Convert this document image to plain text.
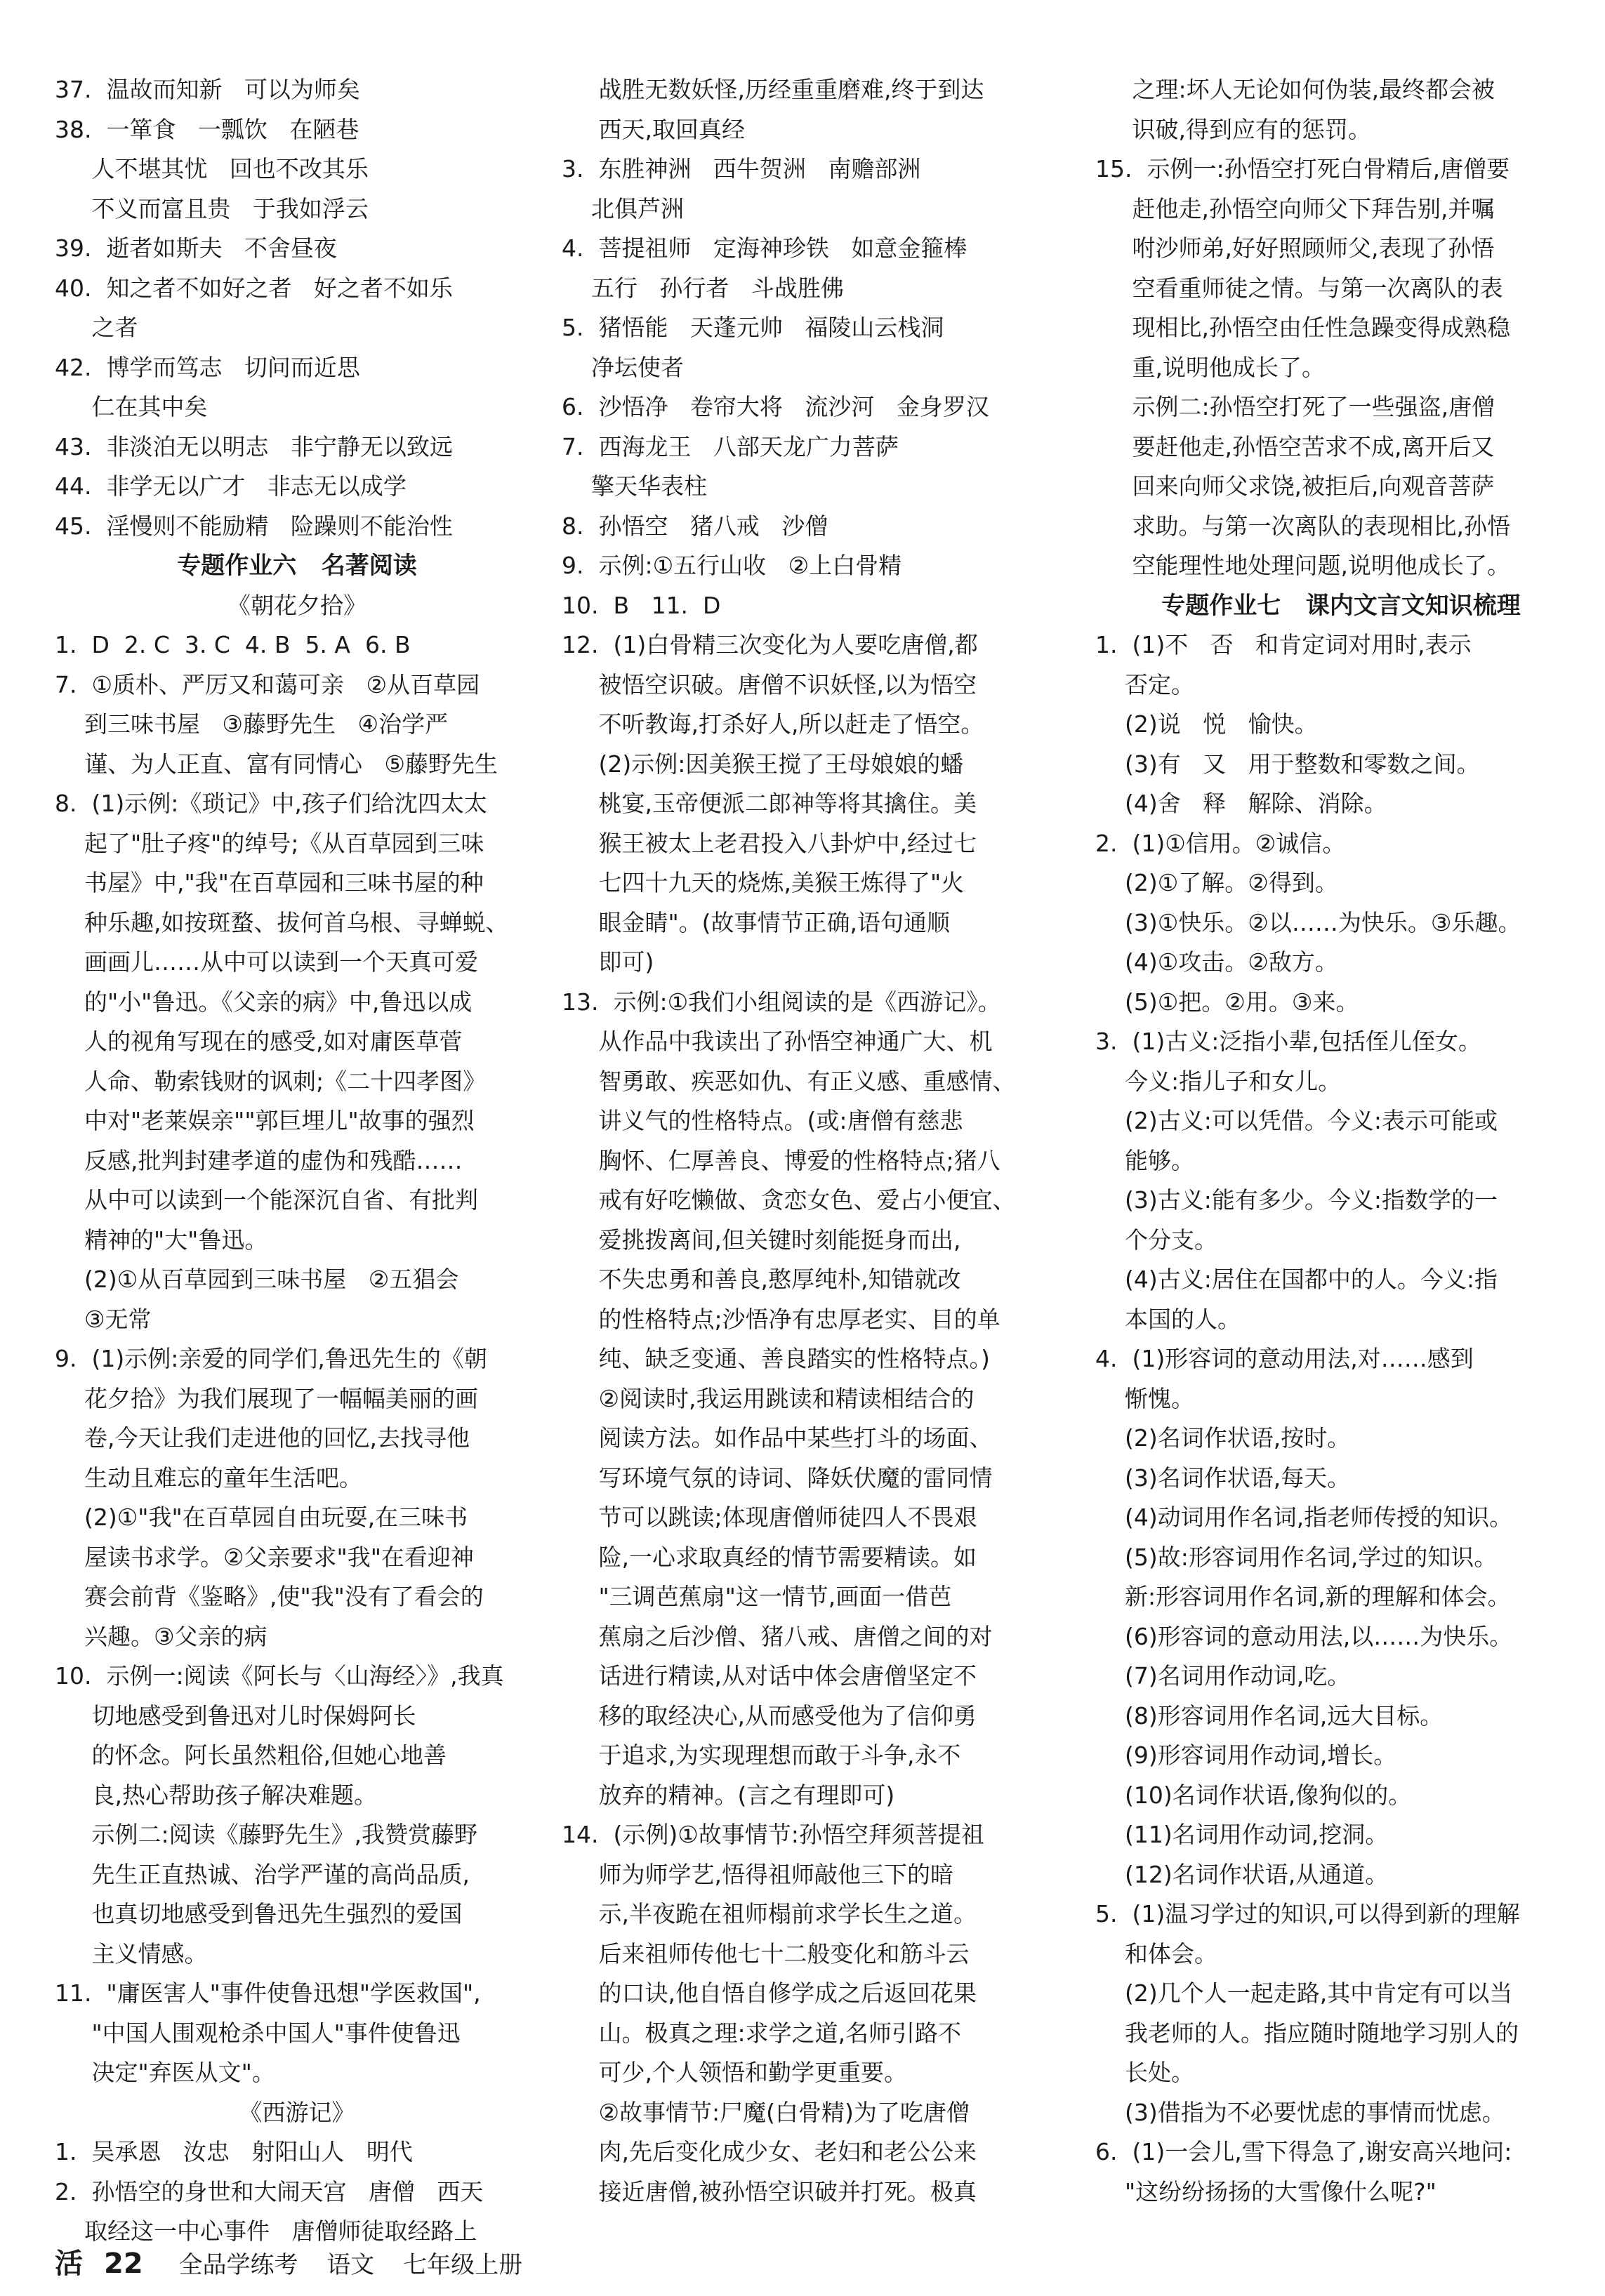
37.  温故而知新   可以为师矣
38.  一箪食   一瓢饮   在陋巷
人不堪其忧   回也不改其乐
不义而富且贵   于我如浮云
39.  逝者如斯夫   不舍昼夜
40.  知之者不如好之者   好之者不如乐
之者
42.  博学而笃志   切问而近思
仁在其中矣
43.  非淡泊无以明志   非宁静无以致远
44.  非学无以广才   非志无以成学
45.  淫慢则不能励精   险躁则不能治性
专题作业六   名著阅读
《朝花夕拾》
1.  D  2. C  3. C  4. B  5. A  6. B
7.  ①质朴、严厉又和蔼可亲   ②从百草园
到三味书屋   ③藤野先生   ④治学严
谨、为人正直、富有同情心   ⑤藤野先生
8.  (1)示例:《琐记》中,孩子们给沈四太太
起了"肚子疼"的绰号;《从百草园到三味
书屋》中,"我"在百草园和三味书屋的种
种乐趣,如按斑蝥、拔何首乌根、寻蝉蜕、
画画儿……从中可以读到一个天真可爱
的"小"鲁迅。《父亲的病》中,鲁迅以成
人的视角写现在的感受,如对庸医草菅
人命、勒索钱财的讽刺;《二十四孝图》
中对"老莱娱亲""郭巨埋儿"故事的强烈
反感,批判封建孝道的虚伪和残酷……
从中可以读到一个能深沉自省、有批判
精神的"大"鲁迅。
(2)①从百草园到三味书屋   ②五猖会
③无常
9.  (1)示例:亲爱的同学们,鲁迅先生的《朝
花夕拾》为我们展现了一幅幅美丽的画
卷,今天让我们走进他的回忆,去找寻他
生动且难忘的童年生活吧。
(2)①"我"在百草园自由玩耍,在三味书
屋读书求学。②父亲要求"我"在看迎神
赛会前背《鉴略》,使"我"没有了看会的
兴趣。③父亲的病
10.  示例一:阅读《阿长与〈山海经〉》,我真
切地感受到鲁迅对儿时保姆阿长
的怀念。阿长虽然粗俗,但她心地善
良,热心帮助孩子解决难题。
示例二:阅读《藤野先生》,我赞赏藤野
先生正直热诚、治学严谨的高尚品质,
也真切地感受到鲁迅先生强烈的爱国
主义情感。
11.  "庸医害人"事件使鲁迅想"学医救国",
"中国人围观枪杀中国人"事件使鲁迅
决定"弃医从文"。
《西游记》
1.  吴承恩   汝忠   射阳山人   明代
2.  孙悟空的身世和大闹天宫   唐僧   西天
取经这一中心事件   唐僧师徒取经路上
战胜无数妖怪,历经重重磨难,终于到达
西天,取回真经
3.  东胜神洲   西牛贺洲   南赡部洲
北俱芦洲
4.  菩提祖师   定海神珍铁   如意金箍棒
五行   孙行者   斗战胜佛
5.  猪悟能   天蓬元帅   福陵山云栈洞
净坛使者
6.  沙悟净   卷帘大将   流沙河   金身罗汉
7.  西海龙王   八部天龙广力菩萨
擎天华表柱
8.  孙悟空   猪八戒   沙僧
9.  示例:①五行山收   ②上白骨精
10.  B   11.  D
12.  (1)白骨精三次变化为人要吃唐僧,都
被悟空识破。唐僧不识妖怪,以为悟空
不听教诲,打杀好人,所以赶走了悟空。
(2)示例:因美猴王搅了王母娘娘的蟠
桃宴,玉帝便派二郎神等将其擒住。美
猴王被太上老君投入八卦炉中,经过七
七四十九天的烧炼,美猴王炼得了"火
眼金睛"。(故事情节正确,语句通顺
即可)
13.  示例:①我们小组阅读的是《西游记》。
从作品中我读出了孙悟空神通广大、机
智勇敢、疾恶如仇、有正义感、重感情、
讲义气的性格特点。(或:唐僧有慈悲
胸怀、仁厚善良、博爱的性格特点;猪八
戒有好吃懒做、贪恋女色、爱占小便宜、
爱挑拨离间,但关键时刻能挺身而出,
不失忠勇和善良,憨厚纯朴,知错就改
的性格特点;沙悟净有忠厚老实、目的单
纯、缺乏变通、善良踏实的性格特点。)
②阅读时,我运用跳读和精读相结合的
阅读方法。如作品中某些打斗的场面、
写环境气氛的诗词、降妖伏魔的雷同情
节可以跳读;体现唐僧师徒四人不畏艰
险,一心求取真经的情节需要精读。如
"三调芭蕉扇"这一情节,画面一借芭
蕉扇之后沙僧、猪八戒、唐僧之间的对
话进行精读,从对话中体会唐僧坚定不
移的取经决心,从而感受他为了信仰勇
于追求,为实现理想而敢于斗争,永不
放弃的精神。(言之有理即可)
14.  (示例)①故事情节:孙悟空拜须菩提祖
师为师学艺,悟得祖师敲他三下的暗
示,半夜跪在祖师榻前求学长生之道。
后来祖师传他七十二般变化和筋斗云
的口诀,他自悟自修学成之后返回花果
山。极真之理:求学之道,名师引路不
可少,个人领悟和勤学更重要。
②故事情节:尸魔(白骨精)为了吃唐僧
肉,先后变化成少女、老妇和老公公来
接近唐僧,被孙悟空识破并打死。极真
之理:坏人无论如何伪装,最终都会被
识破,得到应有的惩罚。
15.  示例一:孙悟空打死白骨精后,唐僧要
赶他走,孙悟空向师父下拜告别,并嘱
咐沙师弟,好好照顾师父,表现了孙悟
空看重师徒之情。与第一次离队的表
现相比,孙悟空由任性急躁变得成熟稳
重,说明他成长了。
示例二:孙悟空打死了一些强盗,唐僧
要赶他走,孙悟空苦求不成,离开后又
回来向师父求饶,被拒后,向观音菩萨
求助。与第一次离队的表现相比,孙悟
空能理性地处理问题,说明他成长了。
专题作业七   课内文言文知识梳理
1.  (1)不   否   和肯定词对用时,表示
否定。
(2)说   悦   愉快。
(3)有   又   用于整数和零数之间。
(4)舍   释   解除、消除。
2.  (1)①信用。②诚信。
(2)①了解。②得到。
(3)①快乐。②以……为快乐。③乐趣。
(4)①攻击。②敌方。
(5)①把。②用。③来。
3.  (1)古义:泛指小辈,包括侄儿侄女。
今义:指儿子和女儿。
(2)古义:可以凭借。今义:表示可能或
能够。
(3)古义:能有多少。今义:指数学的一
个分支。
(4)古义:居住在国都中的人。今义:指
本国的人。
4.  (1)形容词的意动用法,对……感到
惭愧。
(2)名词作状语,按时。
(3)名词作状语,每天。
(4)动词用作名词,指老师传授的知识。
(5)故:形容词用作名词,学过的知识。
新:形容词用作名词,新的理解和体会。
(6)形容词的意动用法,以……为快乐。
(7)名词用作动词,吃。
(8)形容词用作名词,远大目标。
(9)形容词用作动词,增长。
(10)名词作状语,像狗似的。
(11)名词用作动词,挖洞。
(12)名词作状语,从通道。
5.  (1)温习学过的知识,可以得到新的理解
和体会。
(2)几个人一起走路,其中肯定有可以当
我老师的人。指应随时随地学习别人的
长处。
(3)借指为不必要忧虑的事情而忧虑。
6.  (1)一会儿,雪下得急了,谢安高兴地问:
"这纷纷扬扬的大雪像什么呢?"
活 22 全品学练考 语文 七年级上册
